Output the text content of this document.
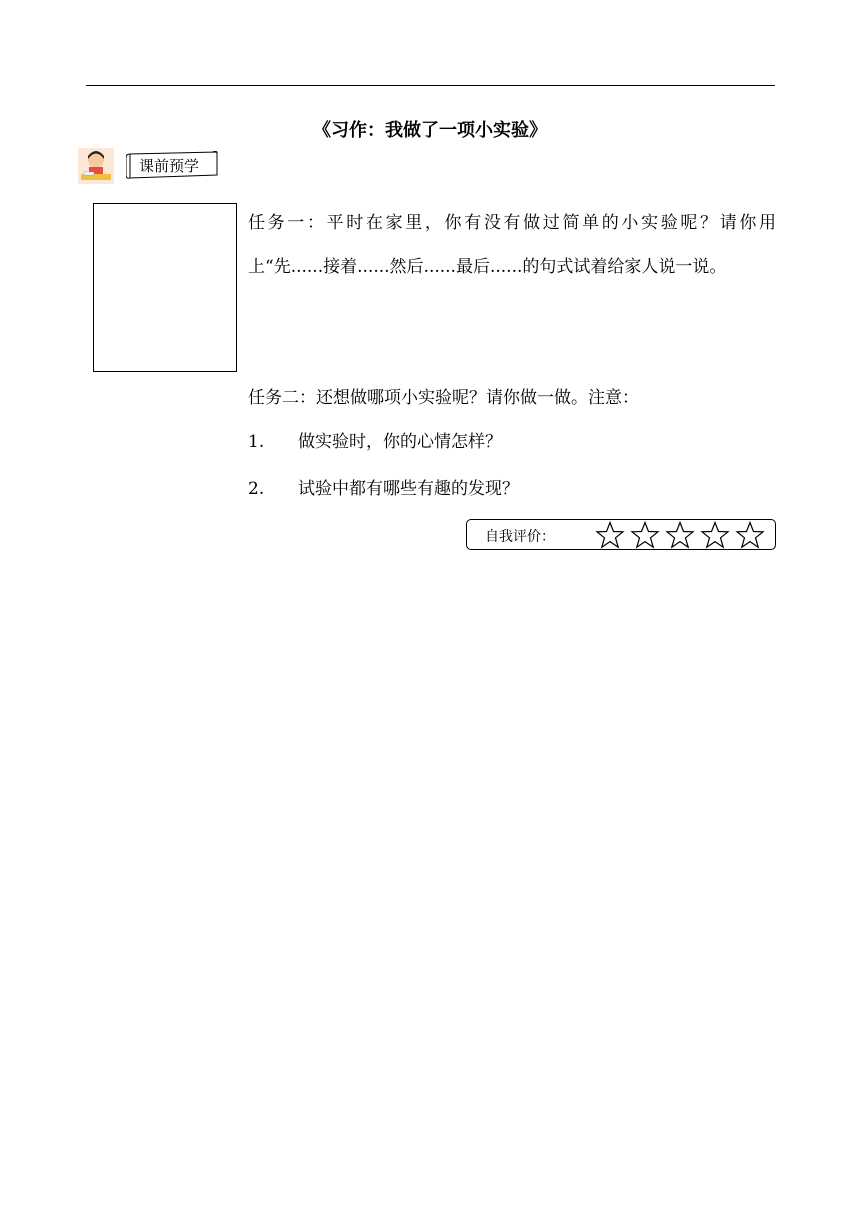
《习作：我做了一项小实验》
课前预学
任务一：平时在家里，你有没有做过简单的小实验呢？请你用上“先......接着......然后......最后......的句式试着给家人说一说。
任务二：还想做哪项小实验呢？请你做一做。注意：
1. 做实验时，你的心情怎样？
2. 试验中都有哪些有趣的发现？
自我评价：
